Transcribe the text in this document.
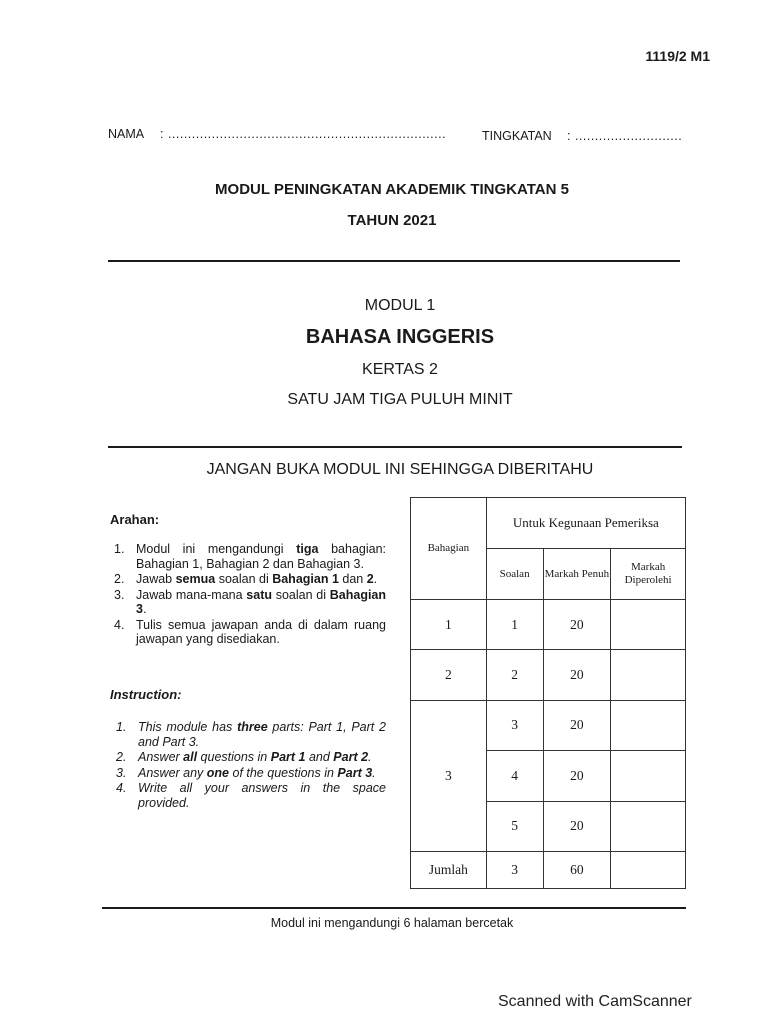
1119/2 M1
NAMA : ......................................................................	TINGKATAN : ...........................
MODUL PENINGKATAN AKADEMIK TINGKATAN 5
TAHUN 2021
MODUL 1
BAHASA INGGERIS
KERTAS 2
SATU JAM TIGA PULUH MINIT
JANGAN BUKA MODUL INI SEHINGGA DIBERITAHU
Arahan:
1. Modul ini mengandungi tiga bahagian: Bahagian 1, Bahagian 2 dan Bahagian 3.
2. Jawab semua soalan di Bahagian 1 dan 2.
3. Jawab mana-mana satu soalan di Bahagian 3.
4. Tulis semua jawapan anda di dalam ruang jawapan yang disediakan.
Instruction:
1. This module has three parts: Part 1, Part 2 and Part 3.
2. Answer all questions in Part 1 and Part 2.
3. Answer any one of the questions in Part 3.
4. Write all your answers in the space provided.
Bahagian	Untuk Kegunaan Pemeriksa		
	Soalan	Markah Penuh	Markah Diperolehi
1	1	20	
2	2	20	
3	3	20	
	4	20	
	5	20	
Jumlah	3	60	
Modul ini mengandungi 6 halaman bercetak
Scanned with CamScanner
